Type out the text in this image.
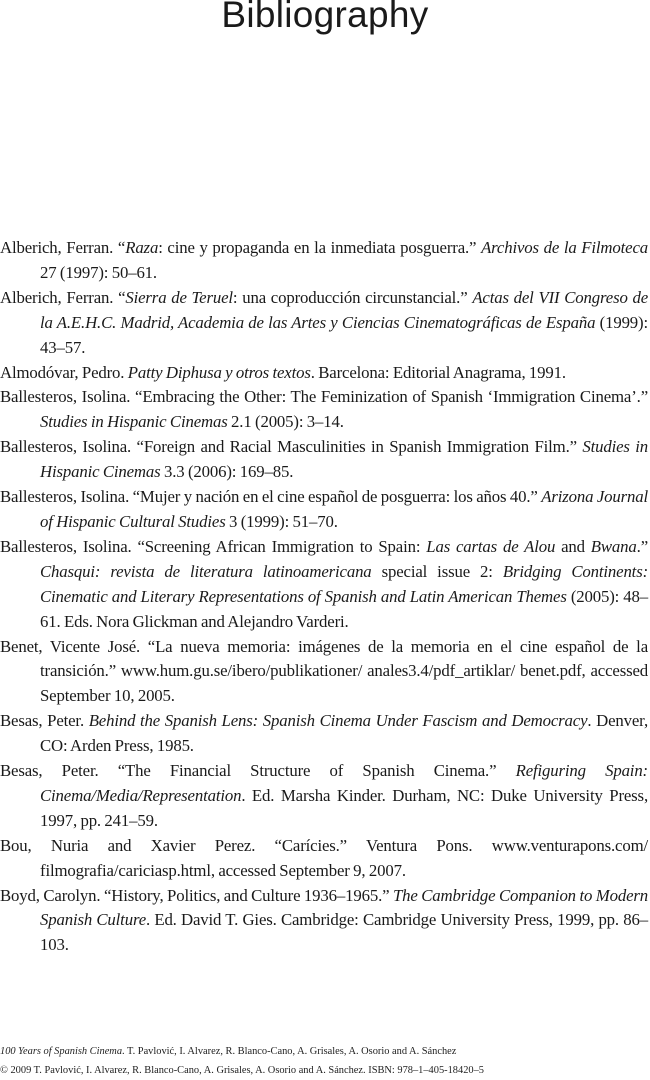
Bibliography

Alberich, Ferran. “Raza: cine y propaganda en la inmediata posguerra.” Archivos de la Filmoteca 27 (1997): 50–61.

Alberich, Ferran. “Sierra de Teruel: una coproducción circunstancial.” Actas del VII Congreso de la A.E.H.C. Madrid, Academia de las Artes y Ciencias Cinematográficas de España (1999): 43–57.

Almodóvar, Pedro. Patty Diphusa y otros textos. Barcelona: Editorial Anagrama, 1991.

Ballesteros, Isolina. “Embracing the Other: The Feminization of Spanish ‘Immigration Cinema’.” Studies in Hispanic Cinemas 2.1 (2005): 3–14.

Ballesteros, Isolina. “Foreign and Racial Masculinities in Spanish Immigration Film.” Studies in Hispanic Cinemas 3.3 (2006): 169–85.

Ballesteros, Isolina. “Mujer y nación en el cine español de posguerra: los años 40.” Arizona Journal of Hispanic Cultural Studies 3 (1999): 51–70.

Ballesteros, Isolina. “Screening African Immigration to Spain: Las cartas de Alou and Bwana.” Chasqui: revista de literatura latinoamericana special issue 2: Bridging Continents: Cinematic and Literary Representations of Spanish and Latin American Themes (2005): 48–61. Eds. Nora Glickman and Alejandro Varderi.

Benet, Vicente José. “La nueva memoria: imágenes de la memoria en el cine español de la transición.” www.hum.gu.se/ibero/publikationer/ anales3.4/pdf_artiklar/ benet.pdf, accessed September 10, 2005.

Besas, Peter. Behind the Spanish Lens: Spanish Cinema Under Fascism and Democracy. Denver, CO: Arden Press, 1985.

Besas, Peter. “The Financial Structure of Spanish Cinema.” Refiguring Spain: Cinema/Media/Representation. Ed. Marsha Kinder. Durham, NC: Duke University Press, 1997, pp. 241–59.

Bou, Nuria and Xavier Perez. “Carícies.” Ventura Pons. www.venturapons.com/ filmografia/cariciasp.html, accessed September 9, 2007.

Boyd, Carolyn. “History, Politics, and Culture 1936–1965.” The Cambridge Companion to Modern Spanish Culture. Ed. David T. Gies. Cambridge: Cambridge University Press, 1999, pp. 86–103.

100 Years of Spanish Cinema. T. Pavlović, I. Alvarez, R. Blanco-Cano, A. Grisales, A. Osorio and A. Sánchez
© 2009 T. Pavlović, I. Alvarez, R. Blanco-Cano, A. Grisales, A. Osorio and A. Sánchez. ISBN: 978–1–405-18420–5
